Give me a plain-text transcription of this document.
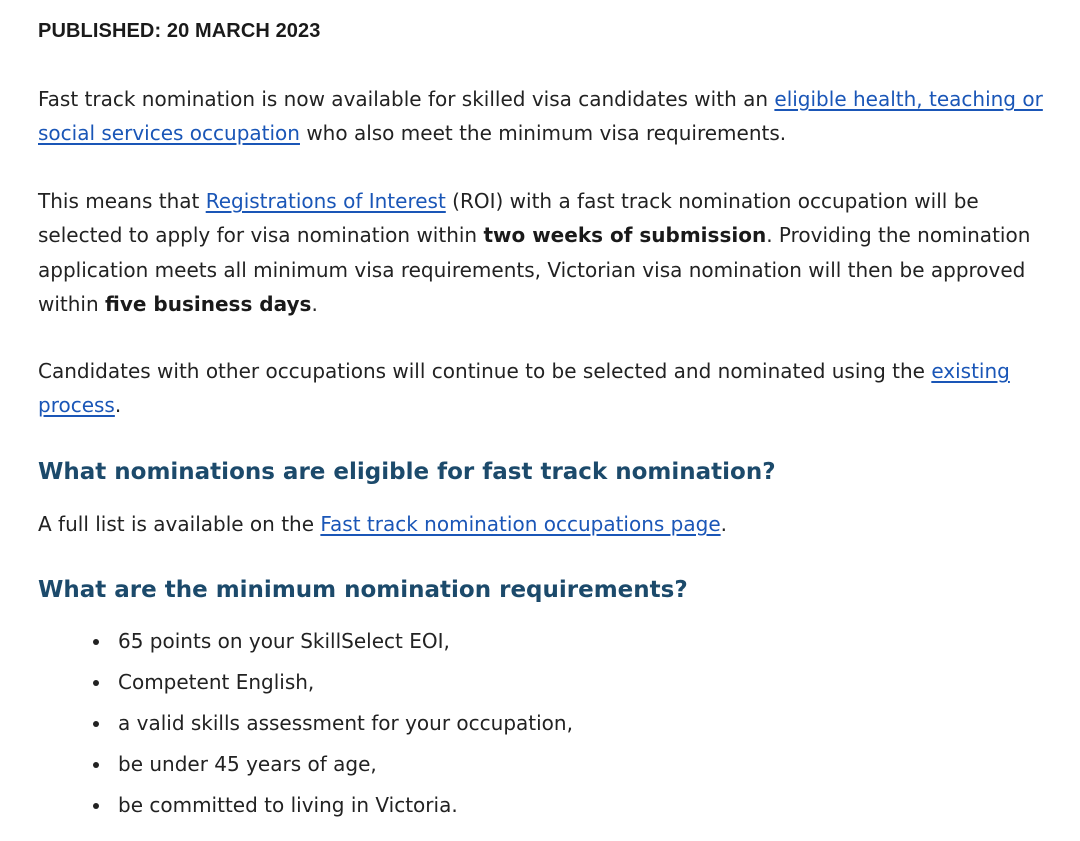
PUBLISHED: 20 MARCH 2023

Fast track nomination is now available for skilled visa candidates with an eligible health, teaching or social services occupation who also meet the minimum visa requirements.

This means that Registrations of Interest (ROI) with a fast track nomination occupation will be selected to apply for visa nomination within two weeks of submission. Providing the nomination application meets all minimum visa requirements, Victorian visa nomination will then be approved within five business days.

Candidates with other occupations will continue to be selected and nominated using the existing process.

What nominations are eligible for fast track nomination?

A full list is available on the Fast track nomination occupations page.

What are the minimum nomination requirements?
65 points on your SkillSelect EOI,
Competent English,
a valid skills assessment for your occupation,
be under 45 years of age,
be committed to living in Victoria.
